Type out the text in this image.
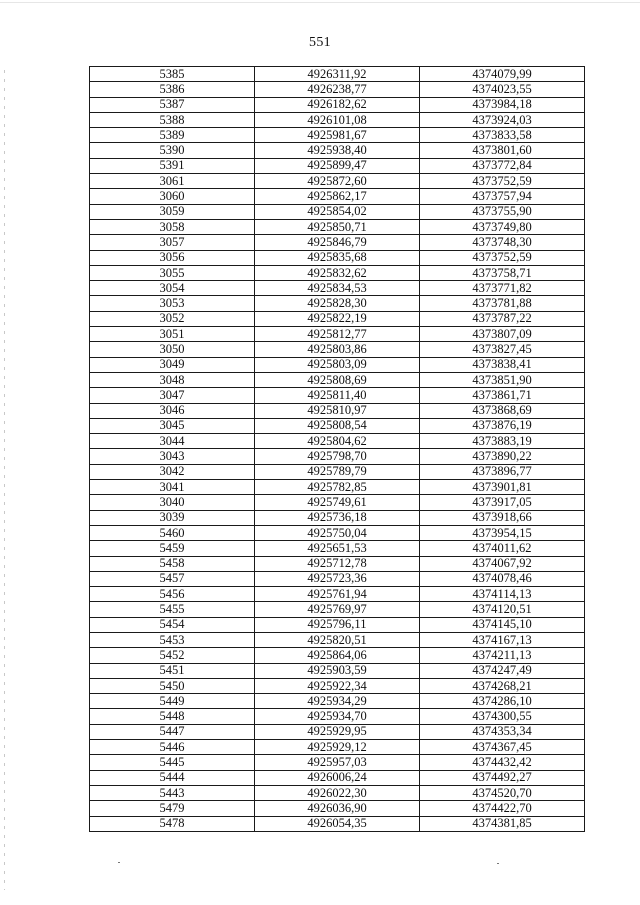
551
5385	4926311,92	4374079,99
5386	4926238,77	4374023,55
5387	4926182,62	4373984,18
5388	4926101,08	4373924,03
5389	4925981,67	4373833,58
5390	4925938,40	4373801,60
5391	4925899,47	4373772,84
3061	4925872,60	4373752,59
3060	4925862,17	4373757,94
3059	4925854,02	4373755,90
3058	4925850,71	4373749,80
3057	4925846,79	4373748,30
3056	4925835,68	4373752,59
3055	4925832,62	4373758,71
3054	4925834,53	4373771,82
3053	4925828,30	4373781,88
3052	4925822,19	4373787,22
3051	4925812,77	4373807,09
3050	4925803,86	4373827,45
3049	4925803,09	4373838,41
3048	4925808,69	4373851,90
3047	4925811,40	4373861,71
3046	4925810,97	4373868,69
3045	4925808,54	4373876,19
3044	4925804,62	4373883,19
3043	4925798,70	4373890,22
3042	4925789,79	4373896,77
3041	4925782,85	4373901,81
3040	4925749,61	4373917,05
3039	4925736,18	4373918,66
5460	4925750,04	4373954,15
5459	4925651,53	4374011,62
5458	4925712,78	4374067,92
5457	4925723,36	4374078,46
5456	4925761,94	4374114,13
5455	4925769,97	4374120,51
5454	4925796,11	4374145,10
5453	4925820,51	4374167,13
5452	4925864,06	4374211,13
5451	4925903,59	4374247,49
5450	4925922,34	4374268,21
5449	4925934,29	4374286,10
5448	4925934,70	4374300,55
5447	4925929,95	4374353,34
5446	4925929,12	4374367,45
5445	4925957,03	4374432,42
5444	4926006,24	4374492,27
5443	4926022,30	4374520,70
5479	4926036,90	4374422,70
5478	4926054,35	4374381,85
